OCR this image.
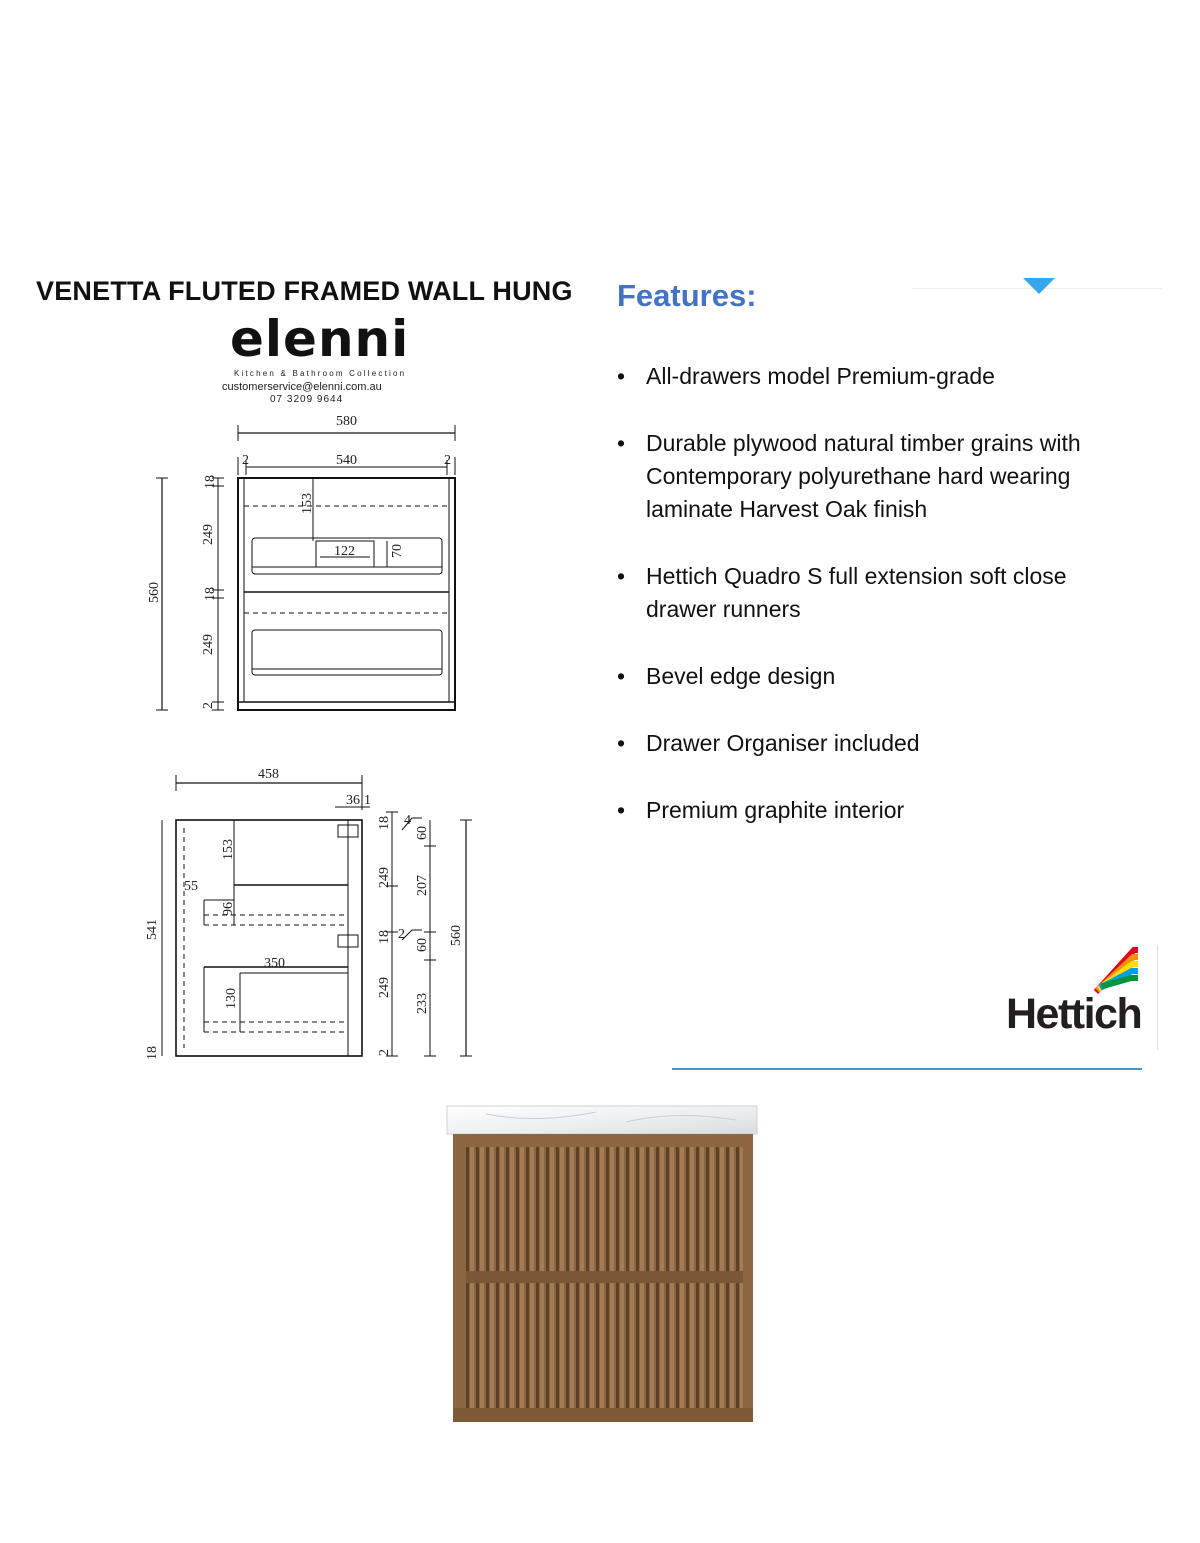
VENETTA FLUTED FRAMED WALL HUNG
elenni
Kitchen & Bathroom Collection
customerservice@elenni.com.au
07 3209 9644
580
2	540	2
153
122	70
560
18
249
18
249
2
458
36 1
153
55
96
350
130
541
18
18
249
18
249
2
4
2
60
207
60
233
560
Features:
• All-drawers model Premium-grade
• Durable plywood natural timber grains with Contemporary polyurethane hard wearing laminate Harvest Oak finish
• Hettich Quadro S full extension soft close drawer runners
• Bevel edge design
• Drawer Organiser included
• Premium graphite interior
Hettich
